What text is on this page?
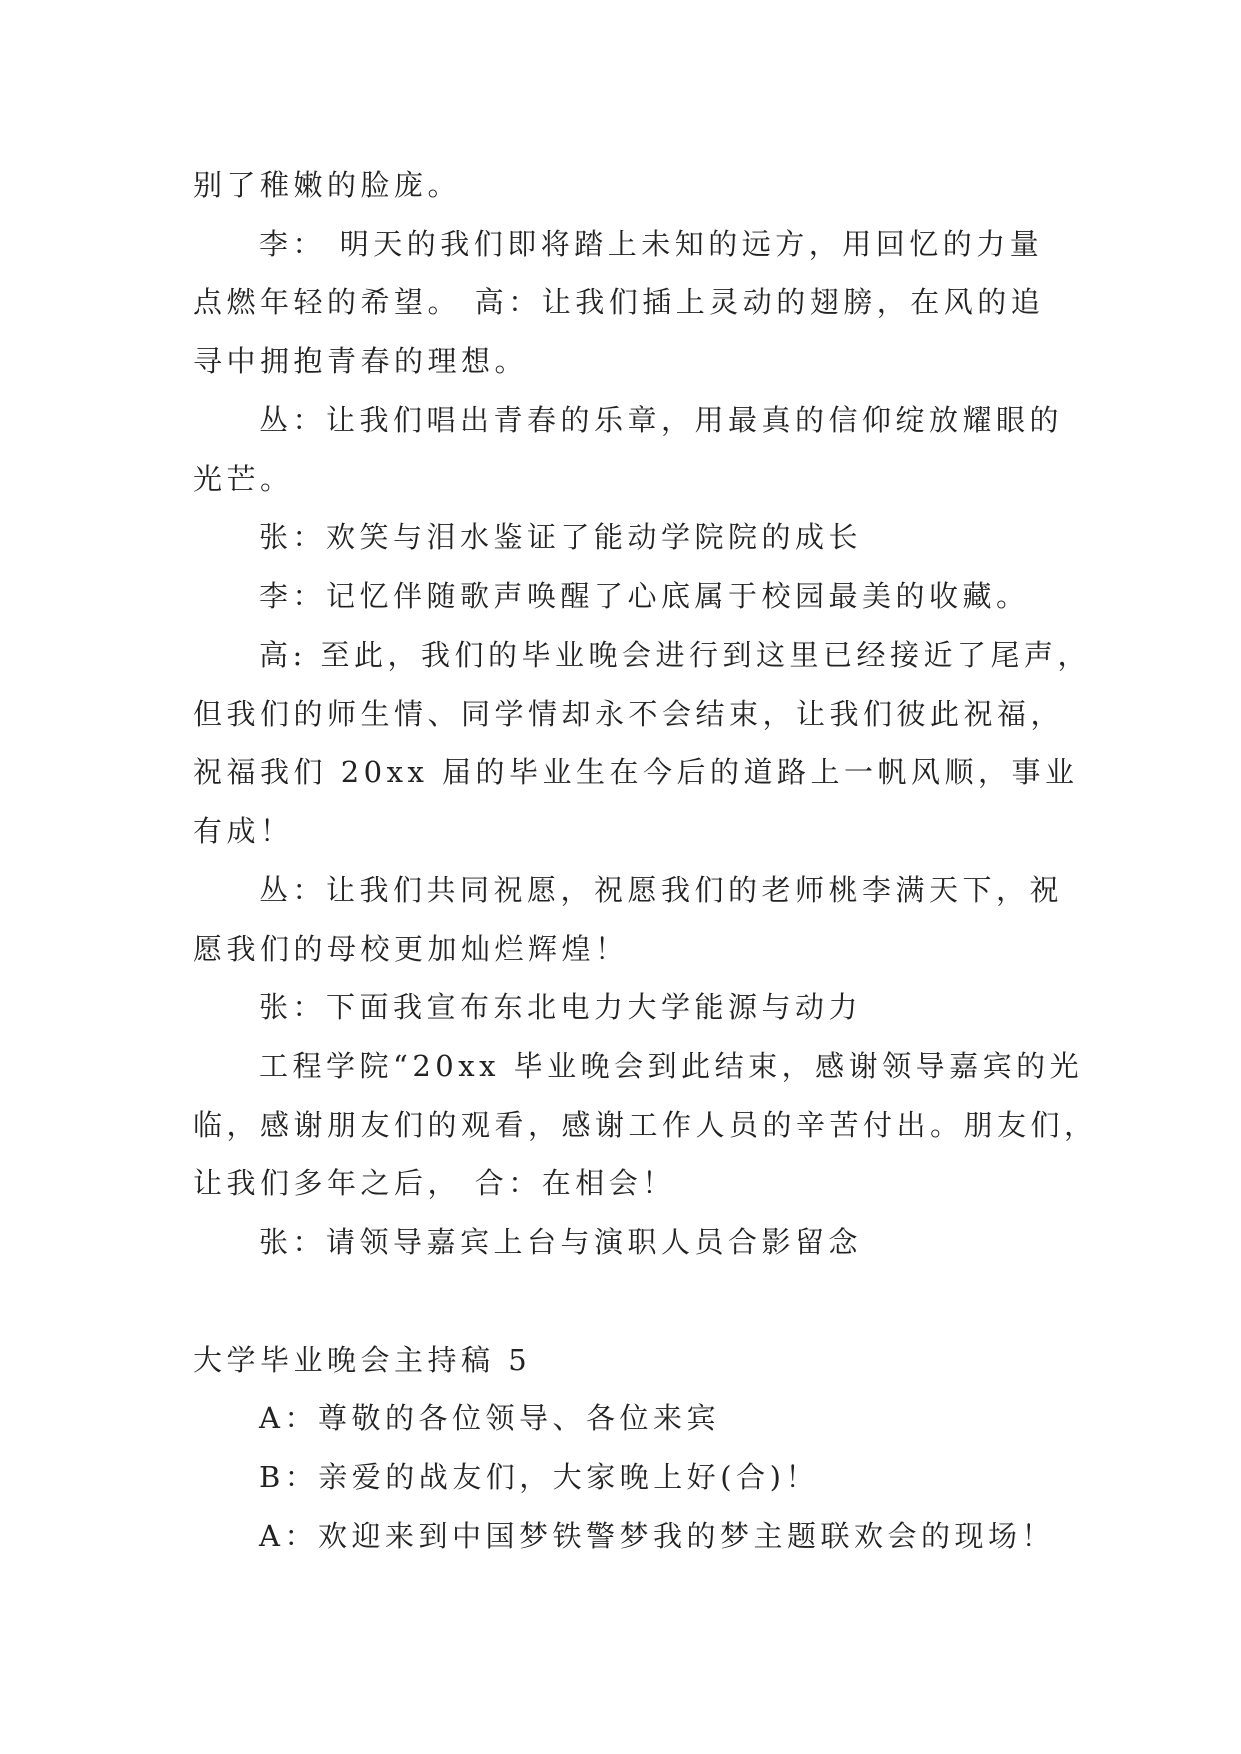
别了稚嫩的脸庞。
李： 明天的我们即将踏上未知的远方，用回忆的力量
点燃年轻的希望。 高：让我们插上灵动的翅膀，在风的追
寻中拥抱青春的理想。
丛：让我们唱出青春的乐章，用最真的信仰绽放耀眼的
光芒。
张：欢笑与泪水鉴证了能动学院院的成长
李：记忆伴随歌声唤醒了心底属于校园最美的收藏。
高: 至此，我们的毕业晚会进行到这里已经接近了尾声，
但我们的师生情、同学情却永不会结束，让我们彼此祝福，
祝福我们 20xx 届的毕业生在今后的道路上一帆风顺，事业
有成！
丛：让我们共同祝愿，祝愿我们的老师桃李满天下，祝
愿我们的母校更加灿烂辉煌！
张：下面我宣布东北电力大学能源与动力
工程学院“20xx 毕业晚会到此结束，感谢领导嘉宾的光
临，感谢朋友们的观看，感谢工作人员的辛苦付出。朋友们，
让我们多年之后， 合：在相会！
张：请领导嘉宾上台与演职人员合影留念
大学毕业晚会主持稿 5
A：尊敬的各位领导、各位来宾
B：亲爱的战友们，大家晚上好(合)！
A：欢迎来到中国梦铁警梦我的梦主题联欢会的现场！
